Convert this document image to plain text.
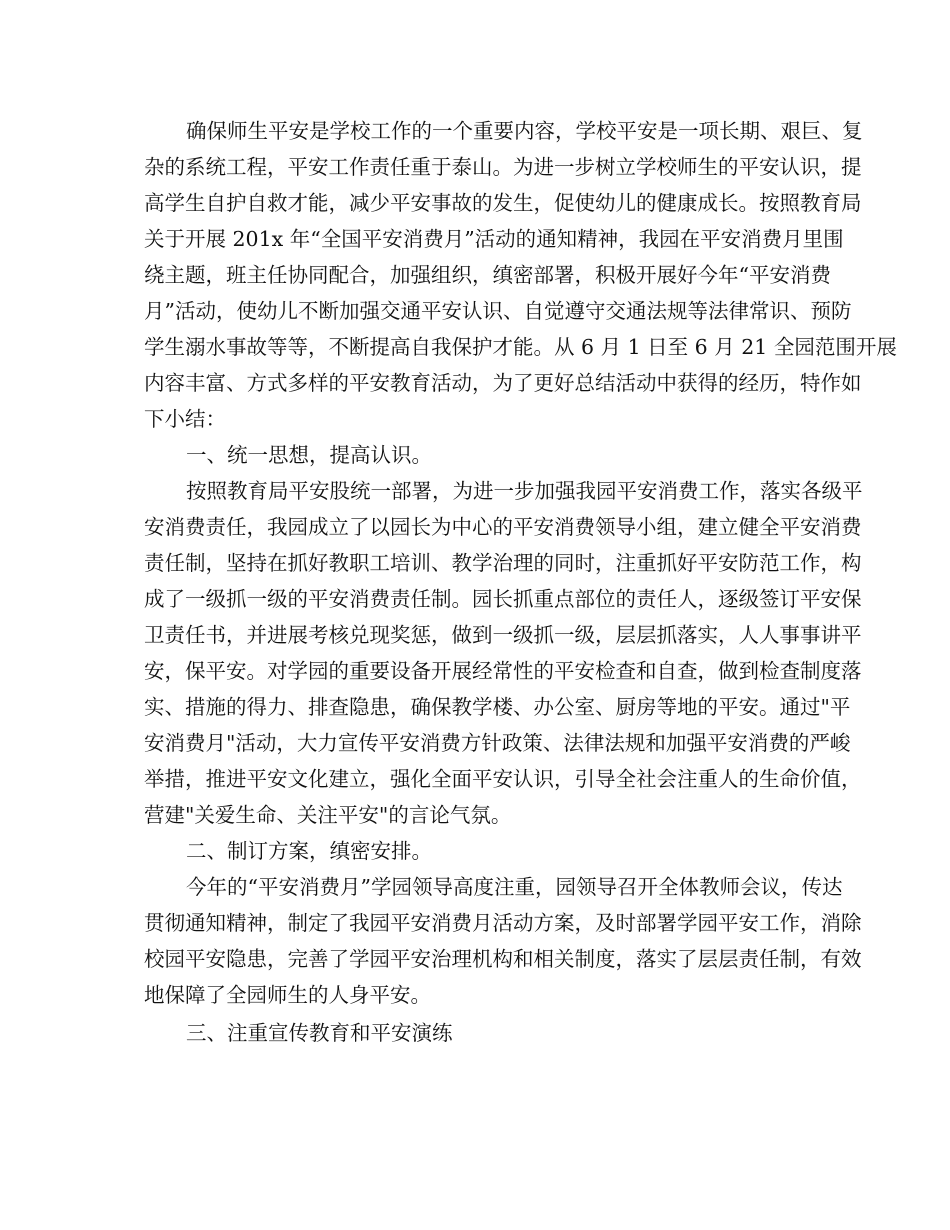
确保师生平安是学校工作的一个重要内容，学校平安是一项长期、艰巨、复

杂的系统工程，平安工作责任重于泰山。为进一步树立学校师生的平安认识，提

高学生自护自救才能，减少平安事故的发生，促使幼儿的健康成长。按照教育局

关于开展 201x 年“全国平安消费月”活动的通知精神，我园在平安消费月里围

绕主题，班主任协同配合，加强组织，缜密部署，积极开展好今年“平安消费

月”活动，使幼儿不断加强交通平安认识、自觉遵守交通法规等法律常识、预防

学生溺水事故等等，不断提高自我保护才能。从 6 月 1 日至 6 月 21 全园范围开展

内容丰富、方式多样的平安教育活动，为了更好总结活动中获得的经历，特作如

下小结：

一、统一思想，提高认识。

按照教育局平安股统一部署，为进一步加强我园平安消费工作，落实各级平

安消费责任，我园成立了以园长为中心的平安消费领导小组，建立健全平安消费

责任制，坚持在抓好教职工培训、教学治理的同时，注重抓好平安防范工作，构

成了一级抓一级的平安消费责任制。园长抓重点部位的责任人，逐级签订平安保

卫责任书，并进展考核兑现奖惩，做到一级抓一级，层层抓落实，人人事事讲平

安，保平安。对学园的重要设备开展经常性的平安检查和自查，做到检查制度落

实、措施的得力、排查隐患，确保教学楼、办公室、厨房等地的平安。通过"平

安消费月"活动，大力宣传平安消费方针政策、法律法规和加强平安消费的严峻

举措，推进平安文化建立，强化全面平安认识，引导全社会注重人的生命价值，

营建"关爱生命、关注平安"的言论气氛。

二、制订方案，缜密安排。

今年的“平安消费月”学园领导高度注重，园领导召开全体教师会议，传达

贯彻通知精神，制定了我园平安消费月活动方案，及时部署学园平安工作，消除

校园平安隐患，完善了学园平安治理机构和相关制度，落实了层层责任制，有效

地保障了全园师生的人身平安。

三、注重宣传教育和平安演练
